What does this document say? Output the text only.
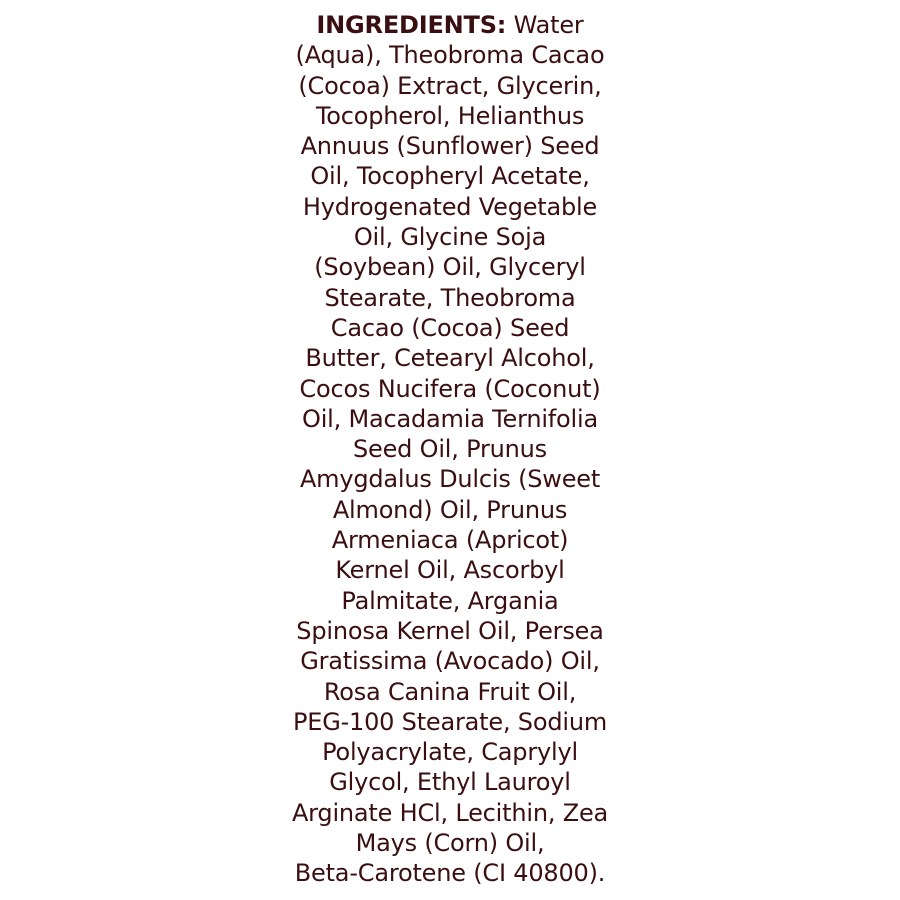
INGREDIENTS: Water
(Aqua), Theobroma Cacao
(Cocoa) Extract, Glycerin,
Tocopherol, Helianthus
Annuus (Sunflower) Seed
Oil, Tocopheryl Acetate,
Hydrogenated Vegetable
Oil, Glycine Soja
(Soybean) Oil, Glyceryl
Stearate, Theobroma
Cacao (Cocoa) Seed
Butter, Cetearyl Alcohol,
Cocos Nucifera (Coconut)
Oil, Macadamia Ternifolia
Seed Oil, Prunus
Amygdalus Dulcis (Sweet
Almond) Oil, Prunus
Armeniaca (Apricot)
Kernel Oil, Ascorbyl
Palmitate, Argania
Spinosa Kernel Oil, Persea
Gratissima (Avocado) Oil,
Rosa Canina Fruit Oil,
PEG-100 Stearate, Sodium
Polyacrylate, Caprylyl
Glycol, Ethyl Lauroyl
Arginate HCl, Lecithin, Zea
Mays (Corn) Oil,
Beta-Carotene (CI 40800).
